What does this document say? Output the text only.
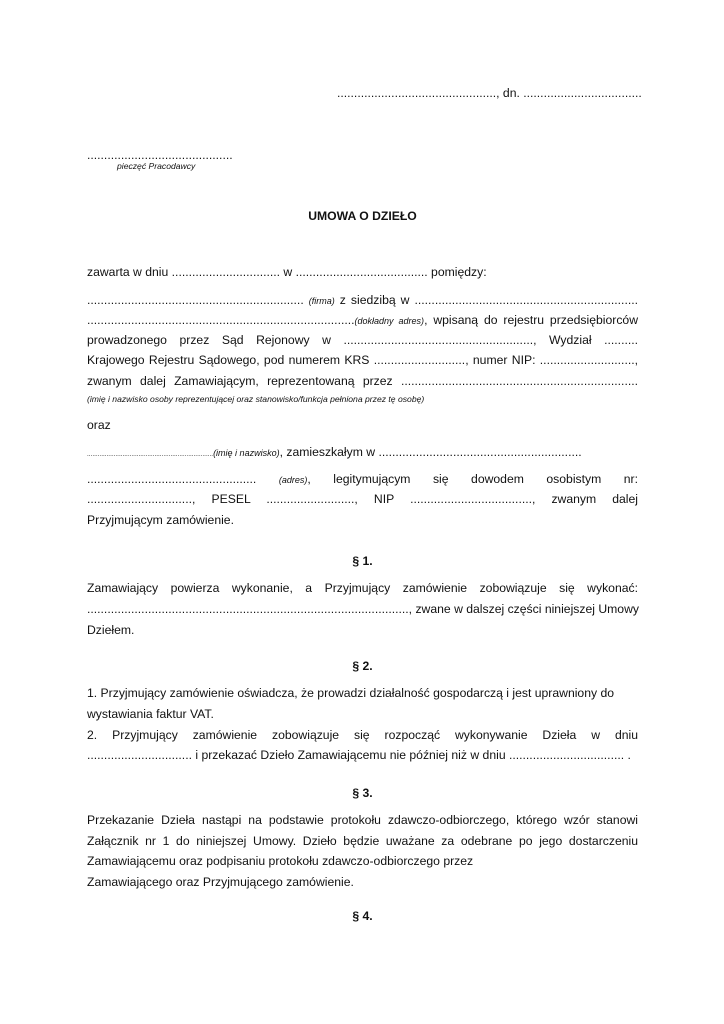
..............................................., dn. ...................................
...........................................
pieczęć Pracodawcy
UMOWA O DZIEŁO
zawarta w dniu ................................ w ....................................... pomiędzy:
................................................................ (firma) z siedzibą w ..................................................................
...............................................................................(dokładny adres), wpisaną do rejestru przedsiębiorców
prowadzonego przez Sąd Rejonowy w ........................................................, Wydział ..........
Krajowego Rejestru Sądowego, pod numerem KRS ..........................., numer NIP: ............................,
zwanym dalej Zamawiającym, reprezentowaną przez ......................................................................
(imię i nazwisko osoby reprezentującej oraz stanowisko/funkcja pełniona przez tę osobę)
oraz
.......................................................................(imię i nazwisko), zamieszkałym w ............................................................
..................................................	(adres), legitymującym się dowodem osobistym nr:
..............................., PESEL .........................., NIP ...................................., zwanym dalej
Przyjmującym zamówienie.
§ 1.
Zamawiający powierza wykonanie, a Przyjmujący zamówienie zobowiązuje się wykonać:
..............................................................................................., zwane w dalszej części niniejszej Umowy
Dziełem.
§ 2.
1. Przyjmujący zamówienie oświadcza, że prowadzi działalność gospodarczą i jest uprawniony do
wystawiania faktur VAT.
2. Przyjmujący zamówienie zobowiązuje się rozpocząć wykonywanie Dzieła w dniu
............................... i przekazać Dzieło Zamawiającemu nie później niż w dniu .................................. .
§ 3.
Przekazanie Dzieła nastąpi na podstawie protokołu zdawczo-odbiorczego, którego wzór stanowi
Załącznik nr 1 do niniejszej Umowy. Dzieło będzie uważane za odebrane po jego dostarczeniu
Zamawiającemu oraz podpisaniu protokołu zdawczo-odbiorczego przez
Zamawiającego oraz Przyjmującego zamówienie.
§ 4.
